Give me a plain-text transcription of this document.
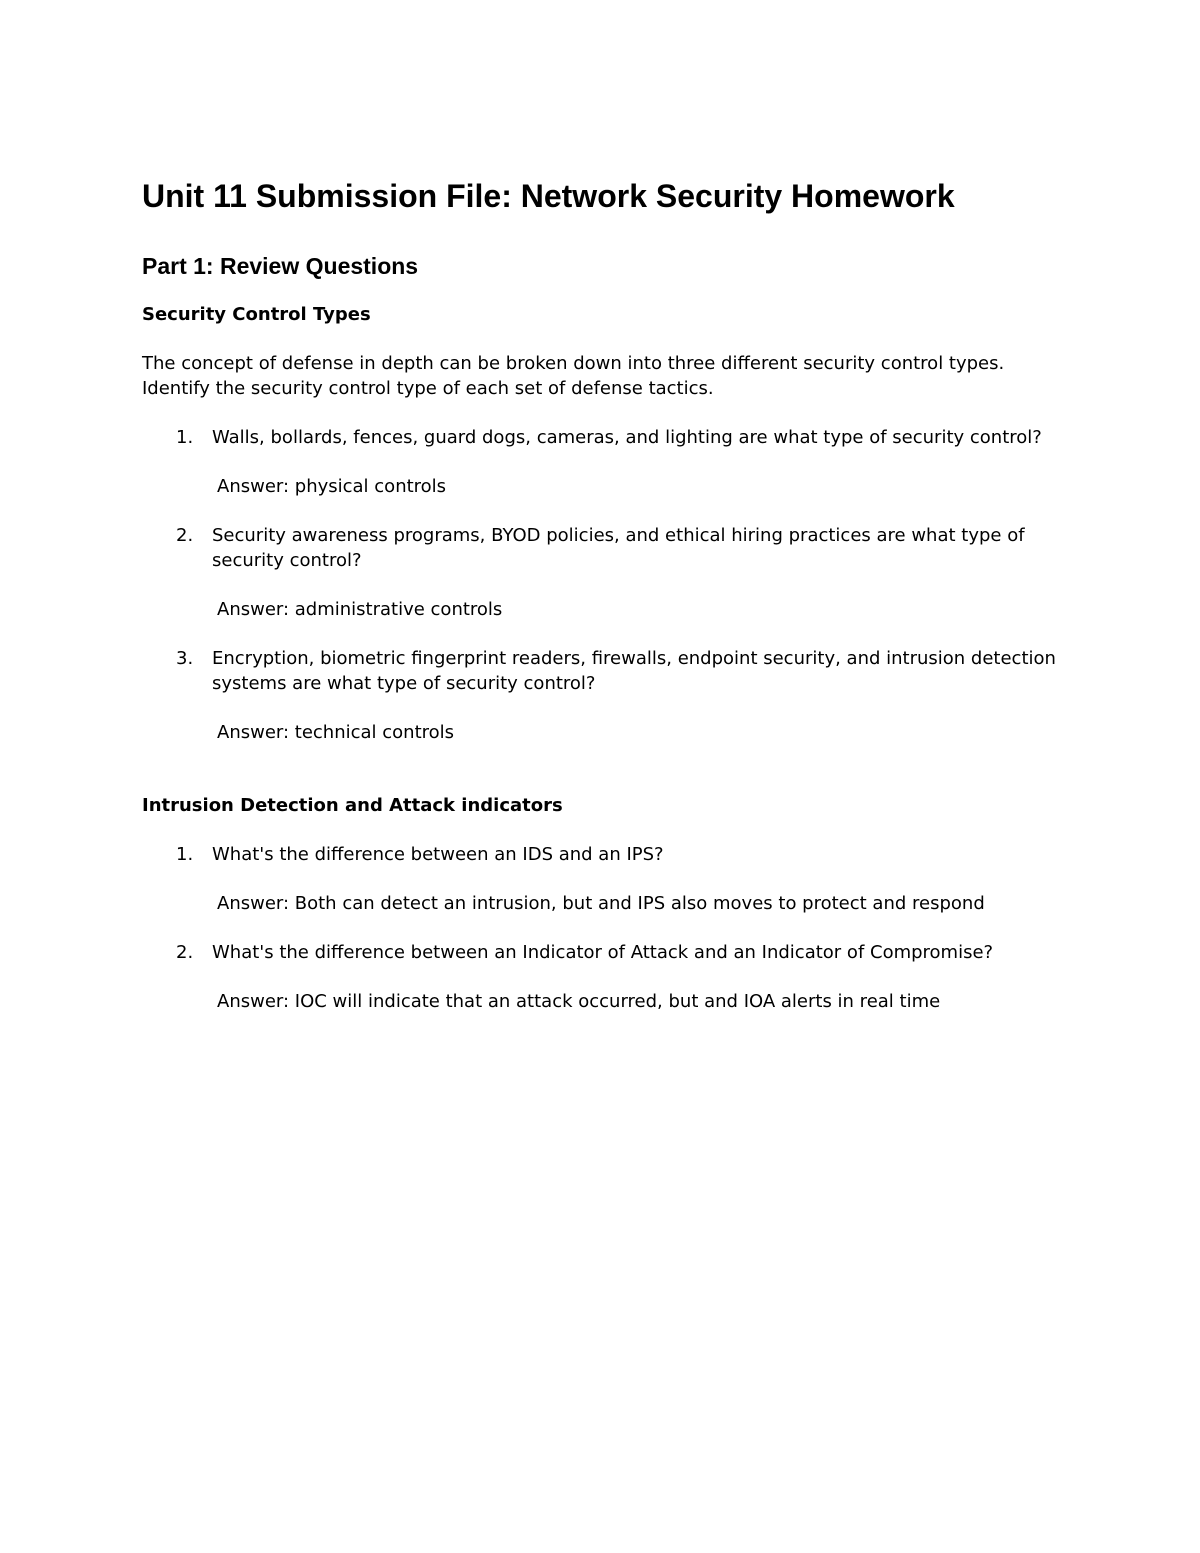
Unit 11 Submission File: Network Security Homework
Part 1: Review Questions
Security Control Types

The concept of defense in depth can be broken down into three different security control types. Identify the security control type of each set of defense tactics.

1. Walls, bollards, fences, guard dogs, cameras, and lighting are what type of security control?

Answer: physical controls

2. Security awareness programs, BYOD policies, and ethical hiring practices are what type of security control?

Answer: administrative controls

3. Encryption, biometric fingerprint readers, firewalls, endpoint security, and intrusion detection systems are what type of security control?

Answer: technical controls

Intrusion Detection and Attack indicators
1. What's the difference between an IDS and an IPS?

Answer: Both can detect an intrusion, but and IPS also moves to protect and respond

2. What's the difference between an Indicator of Attack and an Indicator of Compromise?

Answer: IOC will indicate that an attack occurred, but and IOA alerts in real time
